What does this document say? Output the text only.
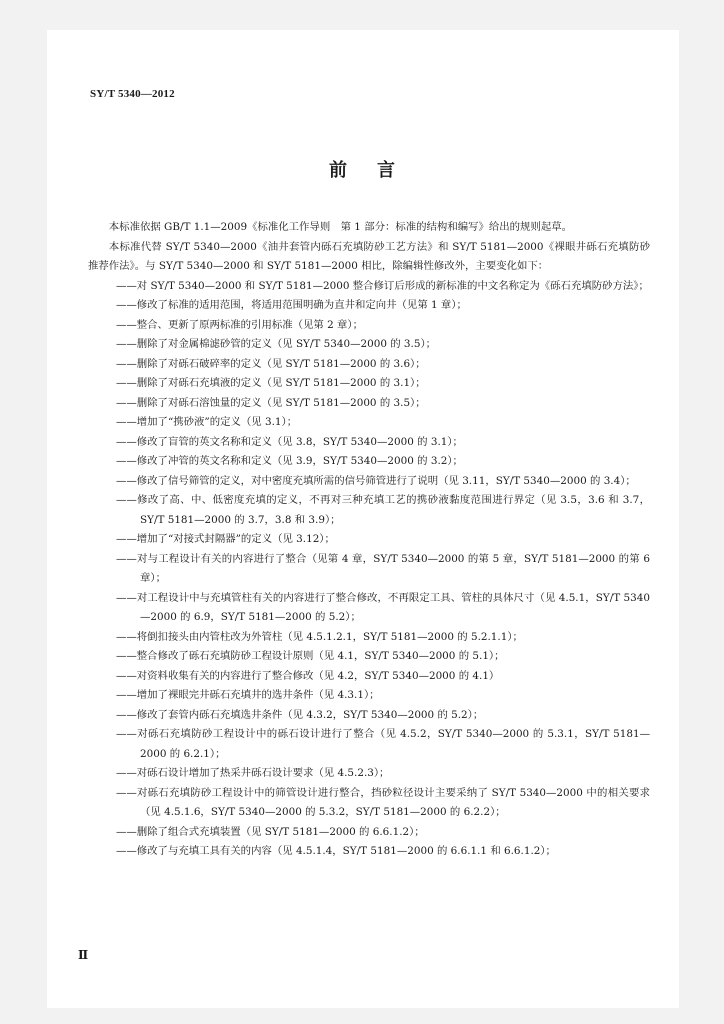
SY/T 5340—2012
前言

本标准依据 GB/T 1.1—2009《标准化工作导则　第 1 部分：标准的结构和编写》给出的规则起草。

本标准代替 SY/T 5340—2000《油井套管内砾石充填防砂工艺方法》和 SY/T 5181—2000《裸眼井砾石充填防砂推荐作法》。与 SY/T 5340—2000 和 SY/T 5181—2000 相比，除编辑性修改外，主要变化如下：

——对 SY/T 5340—2000 和 SY/T 5181—2000 整合修订后形成的新标准的中文名称定为《砾石充填防砂方法》；

——修改了标准的适用范围，将适用范围明确为直井和定向井（见第 1 章）；

——整合、更新了原两标准的引用标准（见第 2 章）；

——删除了对金属棉滤砂管的定义（见 SY/T 5340—2000 的 3.5）；

——删除了对砾石破碎率的定义（见 SY/T 5181—2000 的 3.6）；

——删除了对砾石充填液的定义（见 SY/T 5181—2000 的 3.1）；

——删除了对砾石溶蚀量的定义（见 SY/T 5181—2000 的 3.5）；

——增加了“携砂液”的定义（见 3.1）；

——修改了盲管的英文名称和定义（见 3.8，SY/T 5340—2000 的 3.1）；

——修改了冲管的英文名称和定义（见 3.9，SY/T 5340—2000 的 3.2）；

——修改了信号筛管的定义，对中密度充填所需的信号筛管进行了说明（见 3.11，SY/T 5340—2000 的 3.4）；

——修改了高、中、低密度充填的定义，不再对三种充填工艺的携砂液黏度范围进行界定（见 3.5，3.6 和 3.7，SY/T 5181—2000 的 3.7，3.8 和 3.9）；

——增加了“对接式封隔器”的定义（见 3.12）；

——对与工程设计有关的内容进行了整合（见第 4 章，SY/T 5340—2000 的第 5 章，SY/T 5181—2000 的第 6 章）；

——对工程设计中与充填管柱有关的内容进行了整合修改，不再限定工具、管柱的具体尺寸（见 4.5.1，SY/T 5340—2000 的 6.9，SY/T 5181—2000 的 5.2）；

——将倒扣接头由内管柱改为外管柱（见 4.5.1.2.1，SY/T 5181—2000 的 5.2.1.1）；

——整合修改了砾石充填防砂工程设计原则（见 4.1，SY/T 5340—2000 的 5.1）；

——对资料收集有关的内容进行了整合修改（见 4.2，SY/T 5340—2000 的 4.1）

——增加了裸眼完井砾石充填井的选井条件（见 4.3.1）；

——修改了套管内砾石充填选井条件（见 4.3.2，SY/T 5340—2000 的 5.2）；

——对砾石充填防砂工程设计中的砾石设计进行了整合（见 4.5.2，SY/T 5340—2000 的 5.3.1，SY/T 5181—2000 的 6.2.1）；

——对砾石设计增加了热采井砾石设计要求（见 4.5.2.3）；

——对砾石充填防砂工程设计中的筛管设计进行整合，挡砂粒径设计主要采纳了 SY/T 5340—2000 中的相关要求（见 4.5.1.6，SY/T 5340—2000 的 5.3.2，SY/T 5181—2000 的 6.2.2）；

——删除了组合式充填装置（见 SY/T 5181—2000 的 6.6.1.2）；

——修改了与充填工具有关的内容（见 4.5.1.4，SY/T 5181—2000 的 6.6.1.1 和 6.6.1.2）；

Ⅱ
